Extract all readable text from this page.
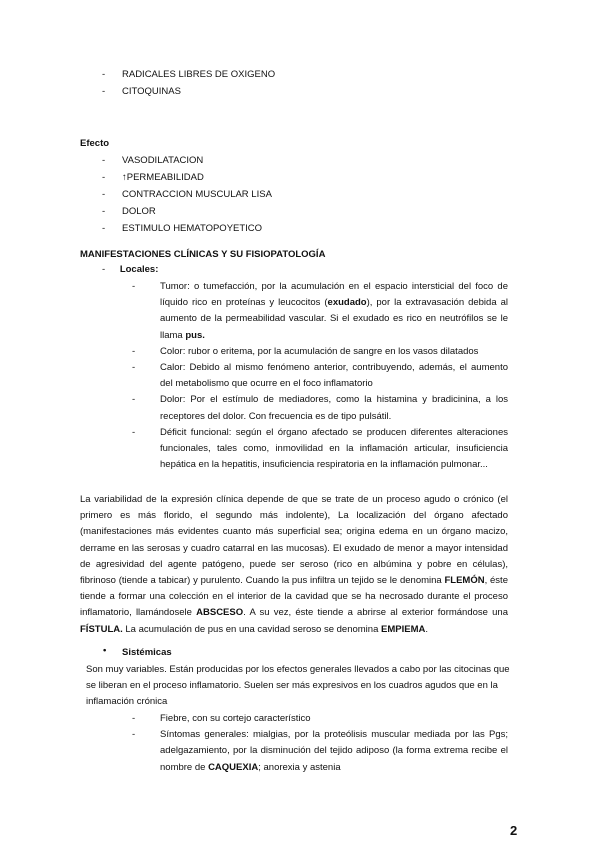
- RADICALES LIBRES DE OXIGENO
- CITOQUINAS
Efecto
- VASODILATACION
- ↑PERMEABILIDAD
- CONTRACCION MUSCULAR LISA
- DOLOR
- ESTIMULO HEMATOPOYETICO
MANIFESTACIONES CLÍNICAS Y SU FISIOPATOLOGÍA
- Locales:
-	Tumor: o tumefacción, por la acumulación en el espacio intersticial del foco de líquido rico en proteínas y leucocitos (exudado), por la extravasación debida al aumento de la permeabilidad vascular. Si el exudado es rico en neutrófilos se le llama pus.
-	Color: rubor o eritema, por la acumulación de sangre en los vasos dilatados
-	Calor: Debido al mismo fenómeno anterior, contribuyendo, además, el aumento del metabolismo que ocurre en el foco inflamatorio
-	Dolor: Por el estímulo de mediadores, como la histamina y bradicinina, a los receptores del dolor. Con frecuencia es de tipo pulsátil.
-	Déficit funcional: según el órgano afectado se producen diferentes alteraciones funcionales, tales como, inmovilidad en la inflamación articular, insuficiencia hepática en la hepatitis, insuficiencia respiratoria en la inflamación pulmonar...
La variabilidad de la expresión clínica depende de que se trate de un proceso agudo o crónico (el primero es más florido, el segundo más indolente), La localización del órgano afectado (manifestaciones más evidentes cuanto más superficial sea; origina edema en un órgano macizo, derrame en las serosas y cuadro catarral en las mucosas). El exudado de menor a mayor intensidad de agresividad del agente patógeno, puede ser seroso (rico en albúmina y pobre en células), fibrinoso (tiende a tabicar) y purulento. Cuando la pus infiltra un tejido se le denomina FLEMÓN, éste tiende a formar una colección en el interior de la cavidad que se ha necrosado durante el proceso inflamatorio, llamándosele ABSCESO. A su vez, éste tiende a abrirse al exterior formándose una FÍSTULA. La acumulación de pus en una cavidad seroso se denomina EMPIEMA.
• Sistémicas
Son muy variables. Están producidas por los efectos generales llevados a cabo por las citocinas que se liberan en el proceso inflamatorio. Suelen ser más expresivos en los cuadros agudos que en la inflamación crónica
-	Fiebre, con su cortejo característico
-	Síntomas generales: mialgias, por la proteólisis muscular mediada por las Pgs; adelgazamiento, por la disminución del tejido adiposo (la forma extrema recibe el nombre de CAQUEXIA; anorexia y astenia
2
